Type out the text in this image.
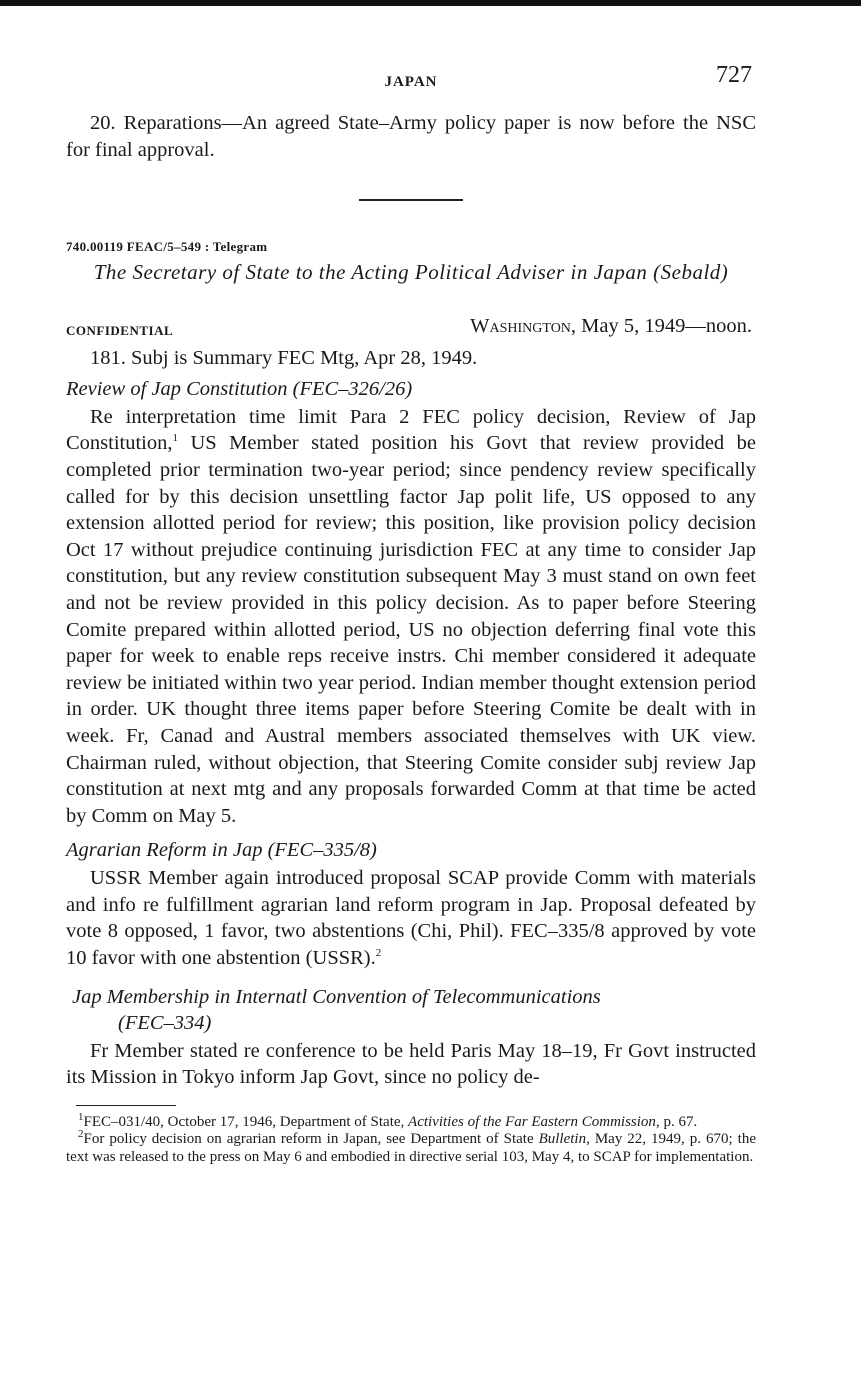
JAPAN	727

20. Reparations—An agreed State–Army policy paper is now before the NSC for final approval.

740.00119 FEAC/5–549 : Telegram

The Secretary of State to the Acting Political Adviser in Japan (Sebald)

CONFIDENTIAL	Washington, May 5, 1949—noon.

181. Subj is Summary FEC Mtg, Apr 28, 1949.

Review of Jap Constitution (FEC–326/26)

Re interpretation time limit Para 2 FEC policy decision, Review of Jap Constitution,$^1$ US Member stated position his Govt that review provided be completed prior termination two-year period; since pendency review specifically called for by this decision unsettling factor Jap polit life, US opposed to any extension allotted period for review; this position, like provision policy decision Oct 17 without prejudice continuing jurisdiction FEC at any time to consider Jap constitution, but any review constitution subsequent May 3 must stand on own feet and not be review provided in this policy decision. As to paper before Steering Comite prepared within allotted period, US no objection deferring final vote this paper for week to enable reps receive instrs. Chi member considered it adequate review be initiated within two year period. Indian member thought extension period in order. UK thought three items paper before Steering Comite be dealt with in week. Fr, Canad and Austral members associated themselves with UK view. Chairman ruled, without objection, that Steering Comite consider subj review Jap constitution at next mtg and any proposals forwarded Comm at that time be acted by Comm on May 5.

Agrarian Reform in Jap (FEC–335/8)

USSR Member again introduced proposal SCAP provide Comm with materials and info re fulfillment agrarian land reform program in Jap. Proposal defeated by vote 8 opposed, 1 favor, two abstentions (Chi, Phil). FEC–335/8 approved by vote 10 favor with one abstention (USSR).$^2$

Jap Membership in Internatl Convention of Telecommunications
(FEC–334)

Fr Member stated re conference to be held Paris May 18–19, Fr Govt instructed its Mission in Tokyo inform Jap Govt, since no policy de-

$^1$FEC–031/40, October 17, 1946, Department of State, Activities of the Far Eastern Commission, p. 67.

$^2$For policy decision on agrarian reform in Japan, see Department of State Bulletin, May 22, 1949, p. 670; the text was released to the press on May 6 and embodied in directive serial 103, May 4, to SCAP for implementation.
